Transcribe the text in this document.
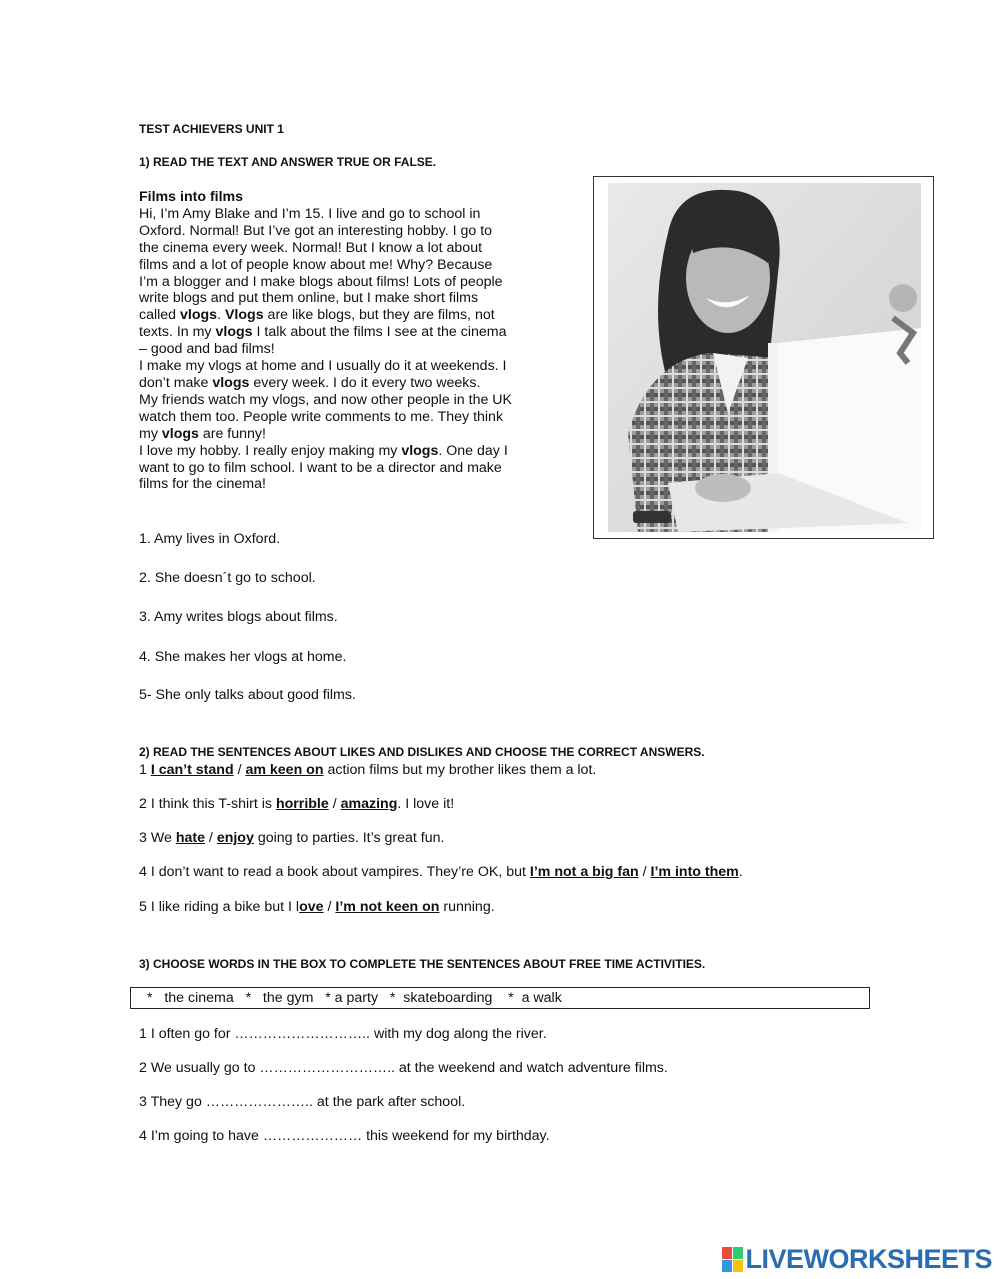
TEST ACHIEVERS UNIT 1
1) READ THE TEXT AND ANSWER TRUE OR FALSE.

Films into films

Hi, I’m Amy Blake and I’m 15. I live and go to school in Oxford. Normal! But I’ve got an interesting hobby. I go to the cinema every week. Normal! But I know a lot about films and a lot of people know about me! Why? Because I’m a blogger and I make blogs about films! Lots of people write blogs and put them online, but I make short films called vlogs. Vlogs are like blogs, but they are films, not texts. In my vlogs I talk about the films I see at the cinema – good and bad films!

I make my vlogs at home and I usually do it at weekends. I don’t make vlogs every week. I do it every two weeks.

My friends watch my vlogs, and now other people in the UK watch them too. People write comments to me. They think my vlogs are funny!

I love my hobby. I really enjoy making my vlogs. One day I want to go to film school. I want to be a director and make films for the cinema!

1. Amy lives in Oxford.
2. She doesn´t go to school.
3. Amy writes blogs about films.
4. She makes her vlogs at home.
5- She only talks about good films.
2) READ THE SENTENCES ABOUT LIKES AND DISLIKES AND CHOOSE THE CORRECT ANSWERS.
1 I can’t stand / am keen on action films but my brother likes them a lot.
2 I think this T-shirt is horrible / amazing. I love it!
3 We hate / enjoy going to parties. It’s great fun.
4 I don’t want to read a book about vampires. They’re OK, but I’m not a big fan / I’m into them.
5 I like riding a bike but I love / I’m not keen on running.
3) CHOOSE WORDS IN THE BOX TO COMPLETE THE SENTENCES ABOUT FREE TIME ACTIVITIES.
*   the cinema   *   the gym   * a party   *  skateboarding    *  a walk
1 I often go for ……………………….. with my dog along the river.
2 We usually go to ……………………….. at the weekend and watch adventure films.
3 They go ………………….. at the park after school.
4 I’m going to have ………………… this weekend for my birthday.
LIVEWORKSHEETS
